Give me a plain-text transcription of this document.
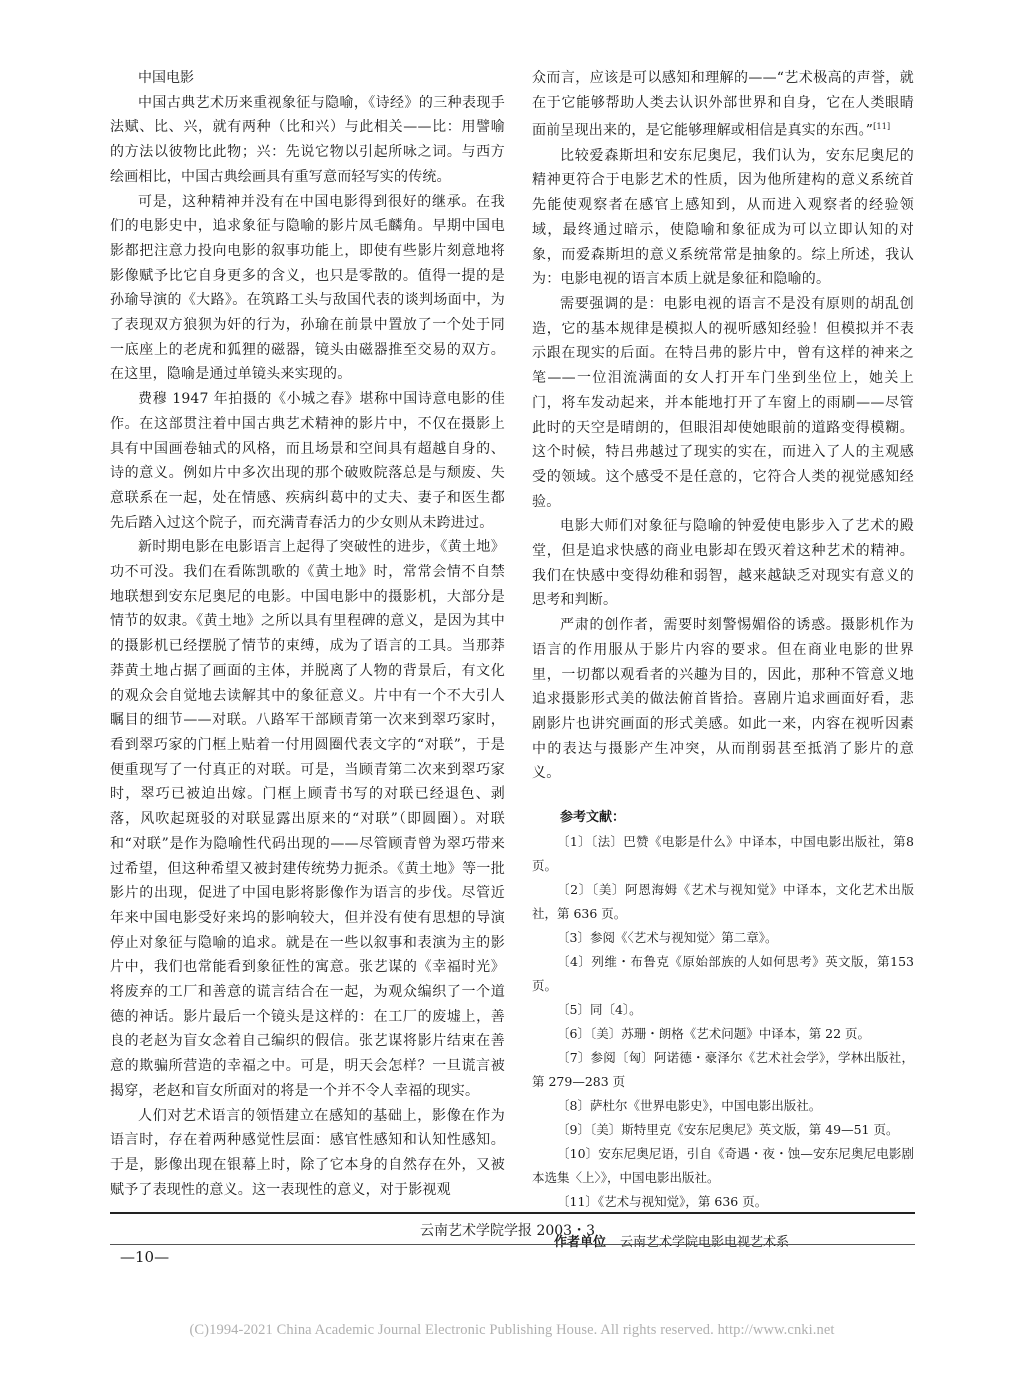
中国电影

中国古典艺术历来重视象征与隐喻，《诗经》的三种表现手法赋、比、兴，就有两种（比和兴）与此相关——比：用譬喻的方法以彼物比此物；兴：先说它物以引起所咏之词。与西方绘画相比，中国古典绘画具有重写意而轻写实的传统。

可是，这种精神并没有在中国电影得到很好的继承。在我们的电影史中，追求象征与隐喻的影片凤毛麟角。早期中国电影都把注意力投向电影的叙事功能上，即使有些影片刻意地将影像赋予比它自身更多的含义，也只是零散的。值得一提的是孙瑜导演的《大路》。在筑路工头与敌国代表的谈判场面中，为了表现双方狼狈为奸的行为，孙瑜在前景中置放了一个处于同一底座上的老虎和狐狸的磁器，镜头由磁器推至交易的双方。在这里，隐喻是通过单镜头来实现的。

费穆 1947 年拍摄的《小城之春》堪称中国诗意电影的佳作。在这部贯注着中国古典艺术精神的影片中，不仅在摄影上具有中国画卷轴式的风格，而且场景和空间具有超越自身的、诗的意义。例如片中多次出现的那个破败院落总是与颓废、失意联系在一起，处在情感、疾病纠葛中的丈夫、妻子和医生都先后踏入过这个院子，而充满青春活力的少女则从未跨进过。

新时期电影在电影语言上起得了突破性的进步，《黄土地》功不可没。我们在看陈凯歌的《黄土地》时，常常会情不自禁地联想到安东尼奥尼的电影。中国电影中的摄影机，大部分是情节的奴隶。《黄土地》之所以具有里程碑的意义，是因为其中的摄影机已经摆脱了情节的束缚，成为了语言的工具。当那莽莽黄土地占据了画面的主体，并脱离了人物的背景后，有文化的观众会自觉地去读解其中的象征意义。片中有一个不大引人瞩目的细节——对联。八路军干部顾青第一次来到翠巧家时，看到翠巧家的门框上贴着一付用圆圈代表文字的“对联”，于是便重现写了一付真正的对联。可是，当顾青第二次来到翠巧家时，翠巧已被迫出嫁。门框上顾青书写的对联已经退色、剥落，风吹起斑驳的对联显露出原来的“对联”（即圆圈）。对联和“对联”是作为隐喻性代码出现的——尽管顾青曾为翠巧带来过希望，但这种希望又被封建传统势力扼杀。《黄土地》等一批影片的出现，促进了中国电影将影像作为语言的步伐。尽管近年来中国电影受好来坞的影响较大，但并没有使有思想的导演停止对象征与隐喻的追求。就是在一些以叙事和表演为主的影片中，我们也常能看到象征性的寓意。张艺谋的《幸福时光》将废弃的工厂和善意的谎言结合在一起，为观众编织了一个道德的神话。影片最后一个镜头是这样的：在工厂的废墟上，善良的老赵为盲女念着自己编织的假信。张艺谋将影片结束在善意的欺骗所营造的幸福之中。可是，明天会怎样？一旦谎言被揭穿，老赵和盲女所面对的将是一个并不令人幸福的现实。

人们对艺术语言的领悟建立在感知的基础上，影像在作为语言时，存在着两种感觉性层面：感官性感知和认知性感知。于是，影像出现在银幕上时，除了它本身的自然存在外，又被赋予了表现性的意义。这一表现性的意义，对于影视观

众而言，应该是可以感知和理解的——“艺术极高的声誉，就在于它能够帮助人类去认识外部世界和自身，它在人类眼睛面前呈现出来的，是它能够理解或相信是真实的东西。”[11]

比较爱森斯坦和安东尼奥尼，我们认为，安东尼奥尼的精神更符合于电影艺术的性质，因为他所建构的意义系统首先能使观察者在感官上感知到，从而进入观察者的经验领域，最终通过暗示，使隐喻和象征成为可以立即认知的对象，而爱森斯坦的意义系统常常是抽象的。综上所述，我认为：电影电视的语言本质上就是象征和隐喻的。

需要强调的是：电影电视的语言不是没有原则的胡乱创造，它的基本规律是模拟人的视听感知经验！但模拟并不表示跟在现实的后面。在特吕弗的影片中，曾有这样的神来之笔——一位泪流满面的女人打开车门坐到坐位上，她关上门，将车发动起来，并本能地打开了车窗上的雨刷——尽管此时的天空是晴朗的，但眼泪却使她眼前的道路变得模糊。这个时候，特吕弗越过了现实的实在，而进入了人的主观感受的领域。这个感受不是任意的，它符合人类的视觉感知经验。

电影大师们对象征与隐喻的钟爱使电影步入了艺术的殿堂，但是追求快感的商业电影却在毁灭着这种艺术的精神。我们在快感中变得幼稚和弱智，越来越缺乏对现实有意义的思考和判断。

严肃的创作者，需要时刻警惕媚俗的诱惑。摄影机作为语言的作用服从于影片内容的要求。但在商业电影的世界里，一切都以观看者的兴趣为目的，因此，那种不管意义地追求摄影形式美的做法俯首皆拾。喜剧片追求画面好看，悲剧影片也讲究画面的形式美感。如此一来，内容在视听因素中的表达与摄影产生冲突，从而削弱甚至抵消了影片的意义。

参考文献：
〔1〕〔法〕巴赞《电影是什么》中译本，中国电影出版社，第8页。
〔2〕〔美〕阿恩海姆《艺术与视知觉》中译本，文化艺术出版社，第 636 页。
〔3〕参阅《〈艺术与视知觉〉第二章》。
〔4〕列维・布鲁克《原始部族的人如何思考》英文版，第153页。
〔5〕同〔4〕。
〔6〕〔美〕苏珊・朗格《艺术问题》中译本，第 22 页。
〔7〕参阅〔匈〕阿诺德・豪泽尔《艺术社会学》，学林出版社，第 279—283 页
〔8〕萨杜尔《世界电影史》，中国电影出版社。
〔9〕〔美〕斯特里克《安东尼奥尼》英文版，第 49—51 页。
〔10〕安东尼奥尼语，引自《奇遇・夜・蚀—安东尼奥尼电影剧本选集〈上〉》，中国电影出版社。
〔11〕《艺术与视知觉》，第 636 页。
作者单位 云南艺术学院电影电视艺术系
云南艺术学院学报 2003・3
—10—
(C)1994-2021 China Academic Journal Electronic Publishing House. All rights reserved. http://www.cnki.net
